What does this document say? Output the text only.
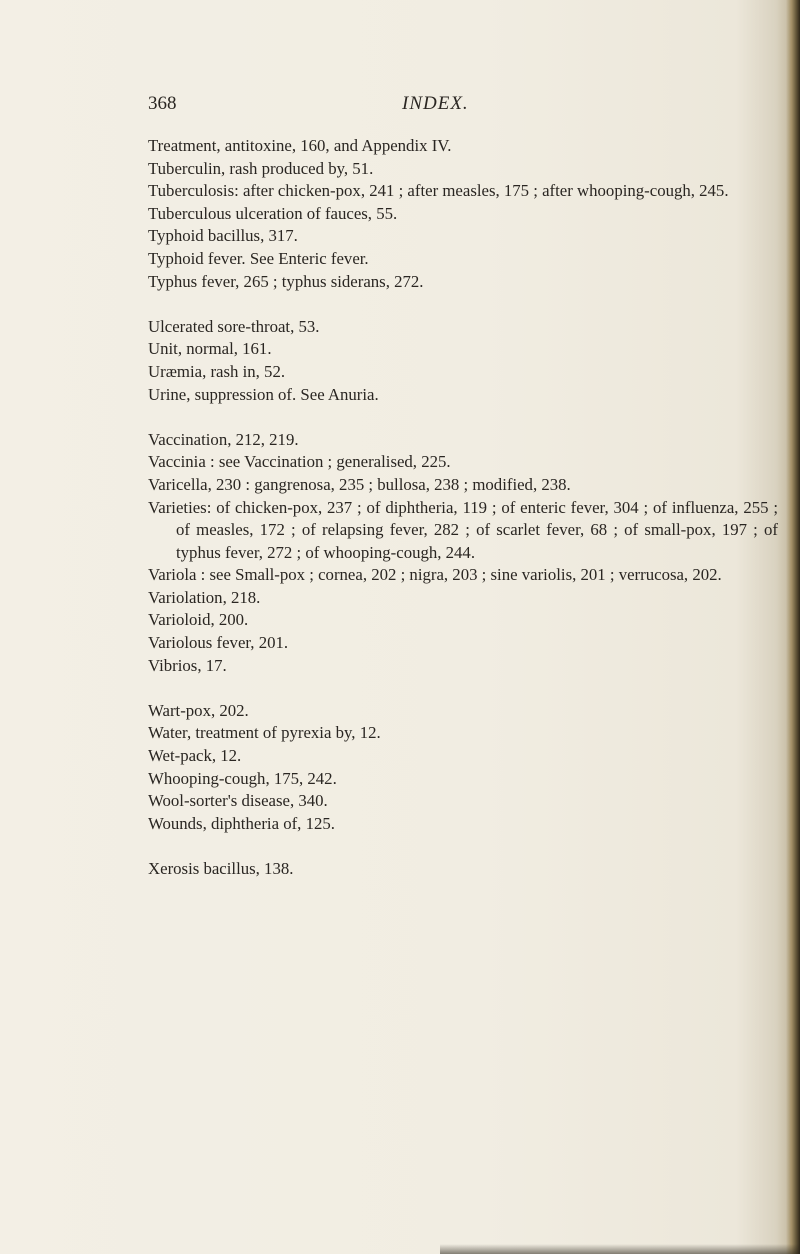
368	INDEX.

Treatment, antitoxine, 160, and Appendix IV.

Tuberculin, rash produced by, 51.

Tuberculosis: after chicken-pox, 241 ; after measles, 175 ; after whooping-cough, 245.

Tuberculous ulceration of fauces, 55.

Typhoid bacillus, 317.

Typhoid fever. See Enteric fever.

Typhus fever, 265 ; typhus siderans, 272.

Ulcerated sore-throat, 53.

Unit, normal, 161.

Uræmia, rash in, 52.

Urine, suppression of. See Anuria.

Vaccination, 212, 219.

Vaccinia : see Vaccination ; generalised, 225.

Varicella, 230 : gangrenosa, 235 ; bullosa, 238 ; modified, 238.

Varieties: of chicken-pox, 237 ; of diphtheria, 119 ; of enteric fever, 304 ; of influenza, 255 ; of measles, 172 ; of relapsing fever, 282 ; of scarlet fever, 68 ; of small-pox, 197 ; of typhus fever, 272 ; of whooping-cough, 244.

Variola : see Small-pox ; cornea, 202 ; nigra, 203 ; sine variolis, 201 ; verrucosa, 202.

Variolation, 218.

Varioloid, 200.

Variolous fever, 201.

Vibrios, 17.

Wart-pox, 202.

Water, treatment of pyrexia by, 12.

Wet-pack, 12.

Whooping-cough, 175, 242.

Wool-sorter's disease, 340.

Wounds, diphtheria of, 125.

Xerosis bacillus, 138.
